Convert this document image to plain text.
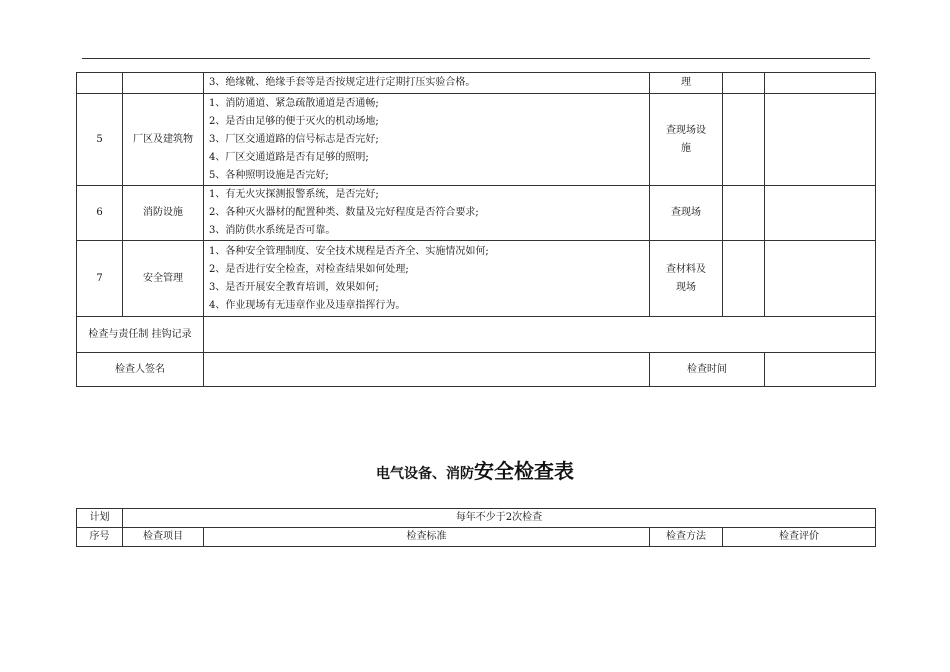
		3、绝缘靴、绝缘手套等是否按规定进行定期打压实验合格。	理		
5	厂区及建筑物	1、消防通道、紧急疏散通道是否通畅;
2、是否由足够的便于灭火的机动场地;
3、厂区交通道路的信号标志是否完好;
4、厂区交通道路是否有足够的照明;
5、各种照明设施是否完好;	查现场设施		
6	消防设施	1、有无火灾探测报警系统，是否完好;
2、各种灭火器材的配置种类、数量及完好程度是否符合要求;
3、消防供水系统是否可靠。	查现场		
7	安全管理	1、各种安全管理制度、安全技术规程是否齐全、实施情况如何;
2、是否进行安全检查，对检查结果如何处理;
3、是否开展安全教育培训，效果如何;
4、作业现场有无违章作业及违章指挥行为。	查材料及现场		
检查与责任制 挂钩记录					
检查人签名			检查时间		
电气设备、消防安全检查表
计划	每年不少于2次检查			
序号	检查项目	检查标准	检查方法	检查评价
